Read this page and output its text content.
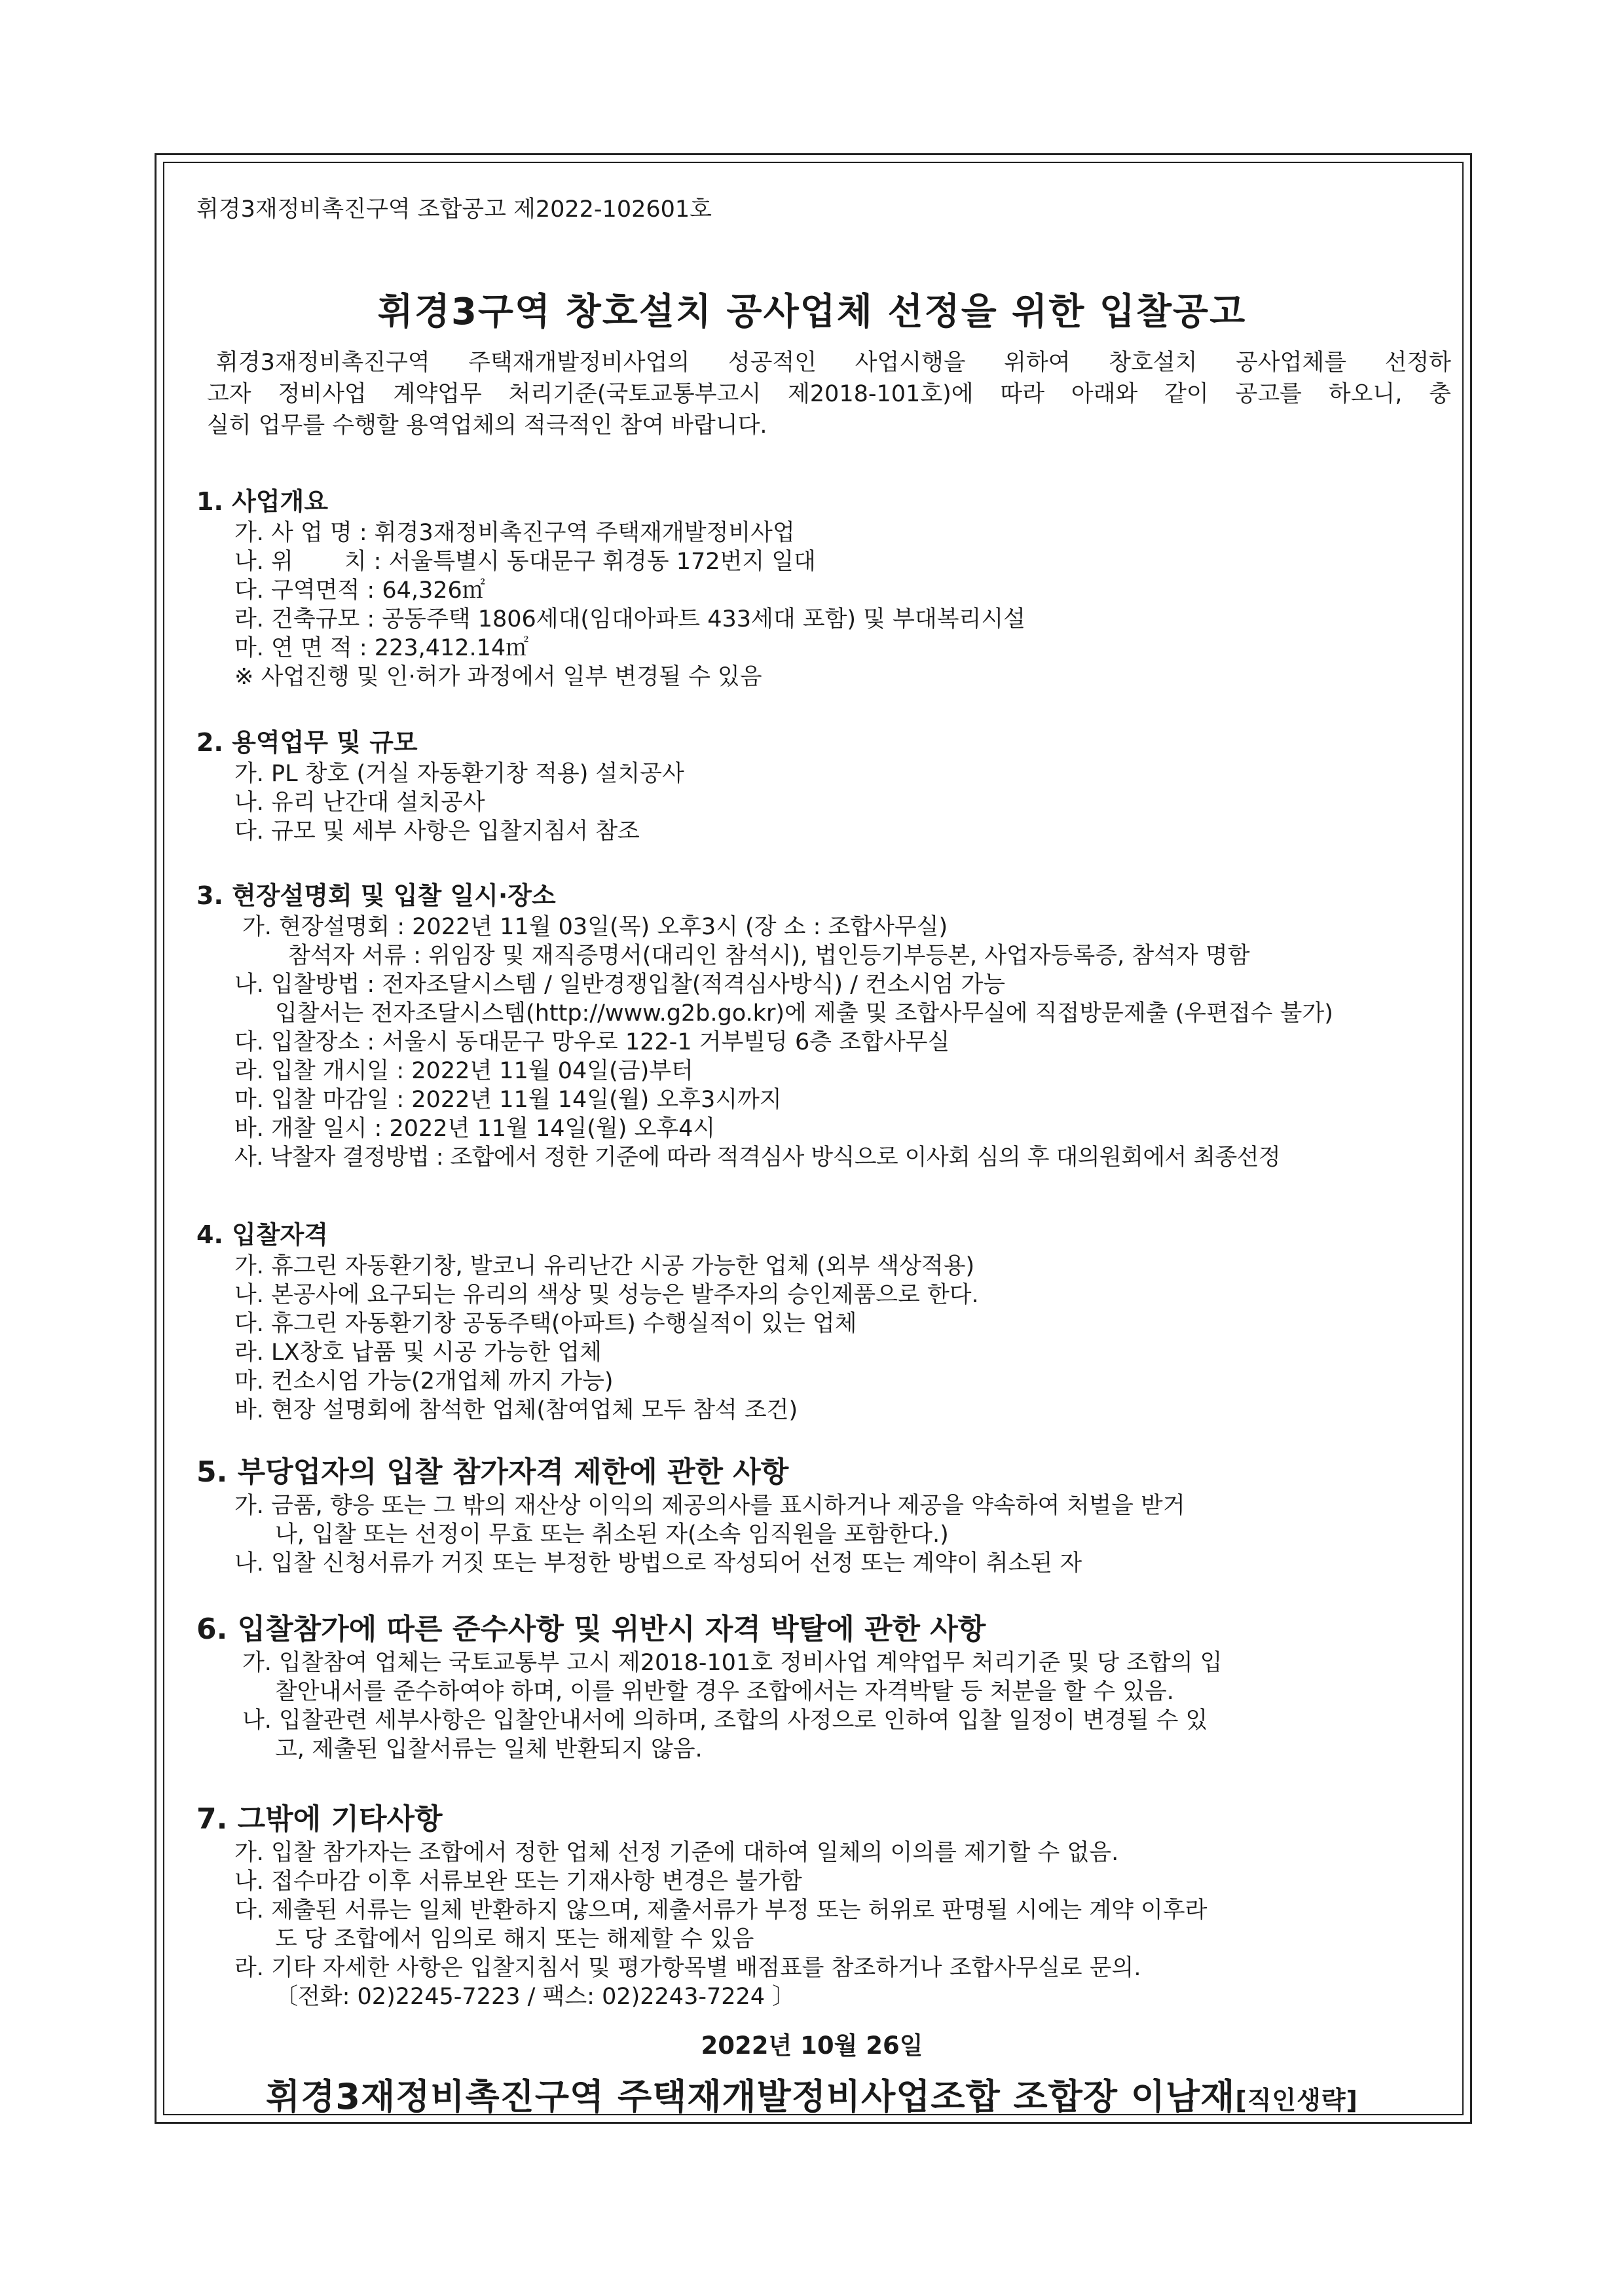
휘경3재정비촉진구역 조합공고 제2022-102601호
휘경3구역 창호설치 공사업체 선정을 위한 입찰공고

휘경3재정비촉진구역 주택재개발정비사업의 성공적인 사업시행을 위하여 창호설치 공사업체를 선정하

고자 정비사업 계약업무 처리기준(국토교통부고시 제2018-101호)에 따라 아래와 같이 공고를 하오니, 충

실히 업무를 수행할 용역업체의 적극적인 참여 바랍니다.

1. 사업개요
가. 사 업 명 : 휘경3재정비촉진구역 주택재개발정비사업
나. 위       치 : 서울특별시 동대문구 휘경동 172번지 일대
다. 구역면적 : 64,326㎡
라. 건축규모 : 공동주택 1806세대(임대아파트 433세대 포함) 및 부대복리시설
마. 연 면 적 : 223,412.14㎡
※ 사업진행 및 인·허가 과정에서 일부 변경될 수 있음
2. 용역업무 및 규모
가. PL 창호 (거실 자동환기창 적용) 설치공사
나. 유리 난간대 설치공사
다. 규모 및 세부 사항은 입찰지침서 참조
3. 현장설명회 및 입찰 일시·장소
가. 현장설명회 : 2022년 11월 03일(목) 오후3시 (장 소 : 조합사무실)
참석자 서류 : 위임장 및 재직증명서(대리인 참석시), 법인등기부등본, 사업자등록증, 참석자 명함
나. 입찰방법 : 전자조달시스템 / 일반경쟁입찰(적격심사방식) / 컨소시엄 가능
입찰서는 전자조달시스템(http://www.g2b.go.kr)에 제출 및 조합사무실에 직접방문제출 (우편접수 불가)
다. 입찰장소 : 서울시 동대문구 망우로 122-1 거부빌딩 6층 조합사무실
라. 입찰 개시일 : 2022년 11월 04일(금)부터
마. 입찰 마감일 : 2022년 11월 14일(월) 오후3시까지
바. 개찰 일시 : 2022년 11월 14일(월) 오후4시
사. 낙찰자 결정방법 : 조합에서 정한 기준에 따라 적격심사 방식으로 이사회 심의 후 대의원회에서 최종선정
4. 입찰자격
가. 휴그린 자동환기창, 발코니 유리난간 시공 가능한 업체 (외부 색상적용)
나. 본공사에 요구되는 유리의 색상 및 성능은 발주자의 승인제품으로 한다.
다. 휴그린 자동환기창 공동주택(아파트) 수행실적이 있는 업체
라. LX창호 납품 및 시공 가능한 업체
마. 컨소시엄 가능(2개업체 까지 가능)
바. 현장 설명회에 참석한 업체(참여업체 모두 참석 조건)
5. 부당업자의 입찰 참가자격 제한에 관한 사항
가. 금품, 향응 또는 그 밖의 재산상 이익의 제공의사를 표시하거나 제공을 약속하여 처벌을 받거
나, 입찰 또는 선정이 무효 또는 취소된 자(소속 임직원을 포함한다.)
나. 입찰 신청서류가 거짓 또는 부정한 방법으로 작성되어 선정 또는 계약이 취소된 자
6. 입찰참가에 따른 준수사항 및 위반시 자격 박탈에 관한 사항
가. 입찰참여 업체는 국토교통부 고시 제2018-101호 정비사업 계약업무 처리기준 및 당 조합의 입
찰안내서를 준수하여야 하며, 이를 위반할 경우 조합에서는 자격박탈 등 처분을 할 수 있음.
나. 입찰관련 세부사항은 입찰안내서에 의하며, 조합의 사정으로 인하여 입찰 일정이 변경될 수 있
고, 제출된 입찰서류는 일체 반환되지 않음.
7. 그밖에 기타사항
가. 입찰 참가자는 조합에서 정한 업체 선정 기준에 대하여 일체의 이의를 제기할 수 없음.
나. 접수마감 이후 서류보완 또는 기재사항 변경은 불가함
다. 제출된 서류는 일체 반환하지 않으며, 제출서류가 부정 또는 허위로 판명될 시에는 계약 이후라
도 당 조합에서 임의로 해지 또는 해제할 수 있음
라. 기타 자세한 사항은 입찰지침서 및 평가항목별 배점표를 참조하거나 조합사무실로 문의.
〔전화: 02)2245-7223 / 팩스: 02)2243-7224 〕
2022년 10월 26일
휘경3재정비촉진구역 주택재개발정비사업조합 조합장 이남재[직인생략]
